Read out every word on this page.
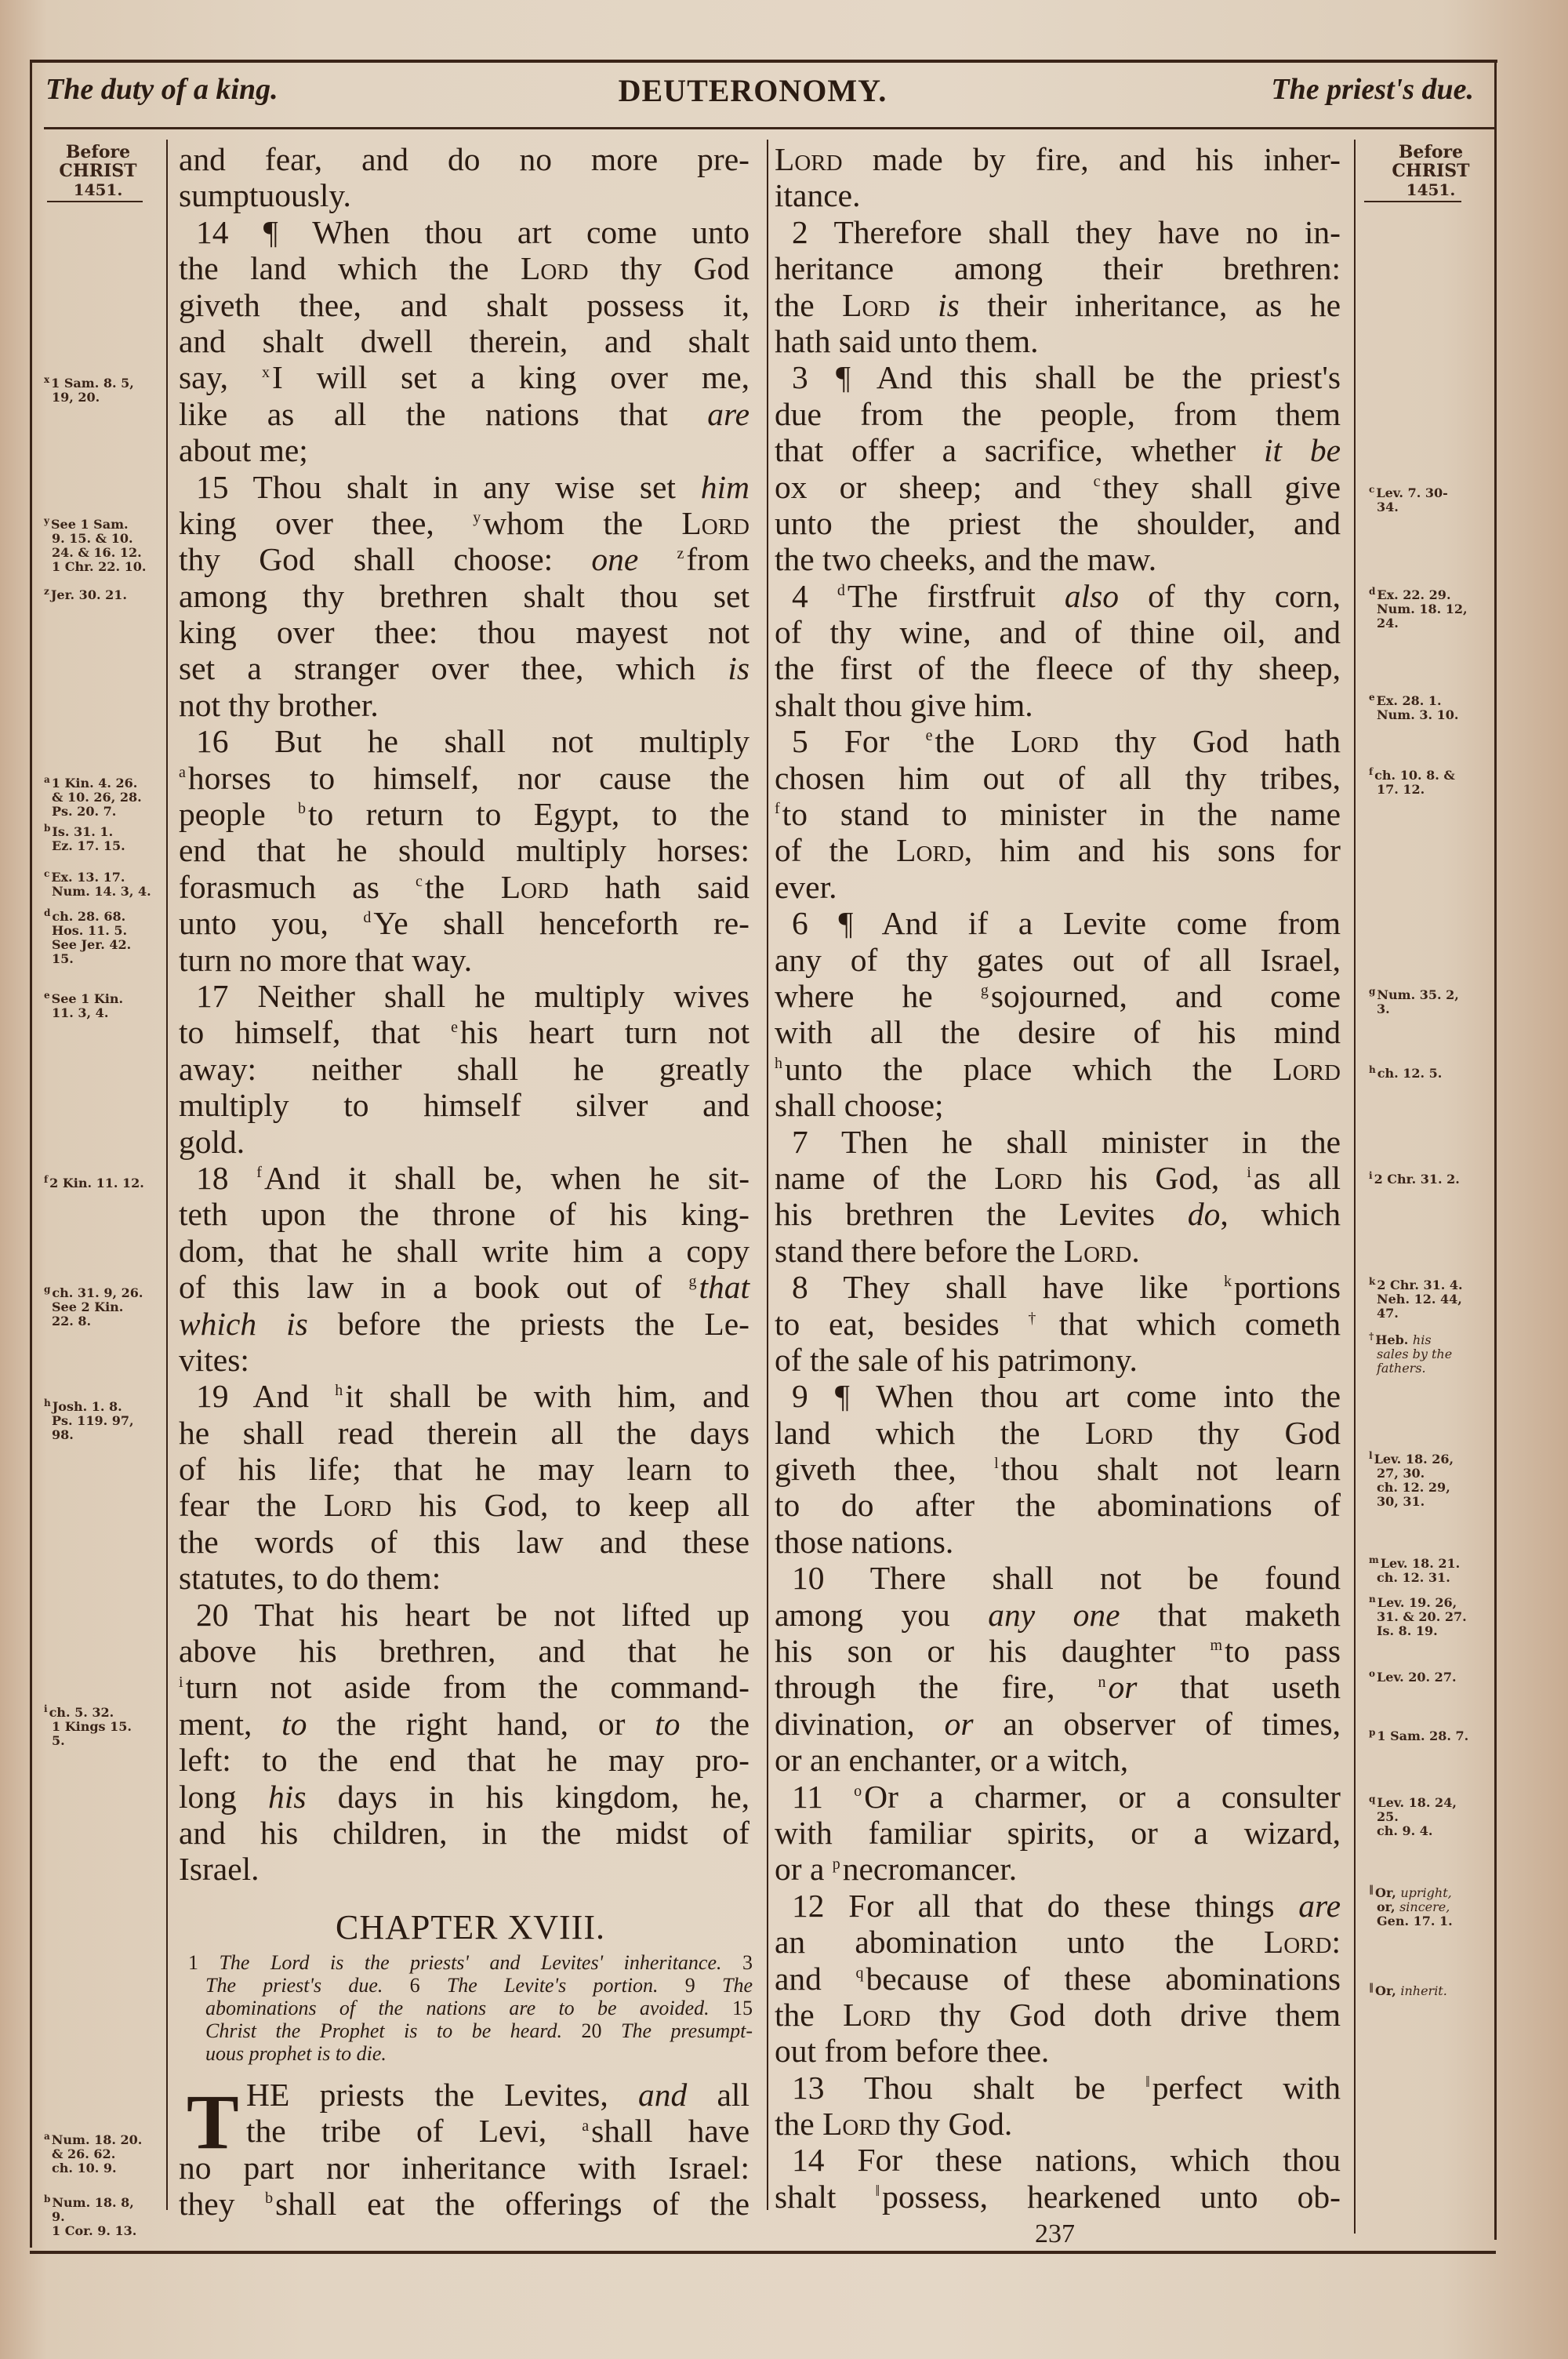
The duty of a king.	DEUTERONOMY.	The priest's due.
Before
CHRIST
1451.
Before
CHRIST
1451.
$^x$ 1 Sam. 8. 5,
19, 20.
$^y$ See 1 Sam.
9. 15. & 10.
24. & 16. 12.
1 Chr. 22. 10.
$^z$ Jer. 30. 21.
$^a$ 1 Kin. 4. 26.
& 10. 26, 28.
Ps. 20. 7.
$^b$ Is. 31. 1.
Ez. 17. 15.
$^c$ Ex. 13. 17.
Num. 14. 3, 4.
$^d$ ch. 28. 68.
Hos. 11. 5.
See Jer. 42.
15.
$^e$ See 1 Kin.
11. 3, 4.
$^f$ 2 Kin. 11. 12.
$^g$ ch. 31. 9, 26.
See 2 Kin.
22. 8.
$^h$ Josh. 1. 8.
Ps. 119. 97,
98.
$^i$ ch. 5. 32.
1 Kings 15.
5.
$^a$ Num. 18. 20.
& 26. 62.
ch. 10. 9.
$^b$ Num. 18. 8,
9.
1 Cor. 9. 13.
$^c$ Lev. 7. 30-
34.
$^d$ Ex. 22. 29.
Num. 18. 12,
24.
$^e$ Ex. 28. 1.
Num. 3. 10.
$^f$ ch. 10. 8. &
17. 12.
$^g$ Num. 35. 2,
3.
$^h$ ch. 12. 5.
$^i$ 2 Chr. 31. 2.
$^k$ 2 Chr. 31. 4.
Neh. 12. 44,
47.
† Heb. his
sales by the
fathers.
$^l$ Lev. 18. 26,
27, 30.
ch. 12. 29,
30, 31.
$^m$ Lev. 18. 21.
ch. 12. 31.
$^n$ Lev. 19. 26,
31. & 20. 27.
Is. 8. 19.
$^o$ Lev. 20. 27.
$^p$ 1 Sam. 28. 7.
$^q$ Lev. 18. 24,
25.
ch. 9. 4.
‖ Or, upright,
or, sincere,
Gen. 17. 1.
‖ Or, inherit.
and fear, and do no more pre-
sumptuously.
14 ¶ When thou art come unto
the land which the Lord thy God
giveth thee, and shalt possess it,
and shalt dwell therein, and shalt
say, $^x$I will set a king over me,
like as all the nations that are
about me;
15 Thou shalt in any wise set him
king over thee, $^y$whom the Lord
thy God shall choose: one $^z$from
among thy brethren shalt thou set
king over thee: thou mayest not
set a stranger over thee, which is
not thy brother.
16 But he shall not multiply
$^a$horses to himself, nor cause the
people $^b$to return to Egypt, to the
end that he should multiply horses:
forasmuch as $^c$the Lord hath said
unto you, $^d$Ye shall henceforth re-
turn no more that way.
17 Neither shall he multiply wives
to himself, that $^e$his heart turn not
away: neither shall he greatly
multiply to himself silver and
gold.
18 $^f$And it shall be, when he sit-
teth upon the throne of his king-
dom, that he shall write him a copy
of this law in a book out of $^g$that
which is before the priests the Le-
vites:
19 And $^h$it shall be with him, and
he shall read therein all the days
of his life; that he may learn to
fear the Lord his God, to keep all
the words of this law and these
statutes, to do them:
20 That his heart be not lifted up
above his brethren, and that he
$^i$turn not aside from the command-
ment, to the right hand, or to the
left: to the end that he may pro-
long his days in his kingdom, he,
and his children, in the midst of
Israel.
CHAPTER XVIII.
1 The Lord is the priests' and Levites' inheritance. 3
The priest's due. 6 The Levite's portion. 9 The
abominations of the nations are to be avoided. 15
Christ the Prophet is to be heard. 20 The presumpt-
uous prophet is to die.
T HE priests the Levites, and all
the tribe of Levi, $^a$shall have
no part nor inheritance with Israel:
they $^b$shall eat the offerings of the
Lord made by fire, and his inher-
itance.
2 Therefore shall they have no in-
heritance among their brethren:
the Lord is their inheritance, as he
hath said unto them.
3 ¶ And this shall be the priest's
due from the people, from them
that offer a sacrifice, whether it be
ox or sheep; and $^c$they shall give
unto the priest the shoulder, and
the two cheeks, and the maw.
4 $^d$The firstfruit also of thy corn,
of thy wine, and of thine oil, and
the first of the fleece of thy sheep,
shalt thou give him.
5 For $^e$the Lord thy God hath
chosen him out of all thy tribes,
$^f$to stand to minister in the name
of the Lord, him and his sons for
ever.
6 ¶ And if a Levite come from
any of thy gates out of all Israel,
where he $^g$sojourned, and come
with all the desire of his mind
$^h$unto the place which the Lord
shall choose;
7 Then he shall minister in the
name of the Lord his God, $^i$as all
his brethren the Levites do, which
stand there before the Lord.
8 They shall have like $^k$portions
to eat, besides †that which cometh
of the sale of his patrimony.
9 ¶ When thou art come into the
land which the Lord thy God
giveth thee, $^l$thou shalt not learn
to do after the abominations of
those nations.
10 There shall not be found
among you any one that maketh
his son or his daughter $^m$to pass
through the fire, $^n$or that useth
divination, or an observer of times,
or an enchanter, or a witch,
11 $^o$Or a charmer, or a consulter
with familiar spirits, or a wizard,
or a $^p$necromancer.
12 For all that do these things are
an abomination unto the Lord:
and $^q$because of these abominations
the Lord thy God doth drive them
out from before thee.
13 Thou shalt be ‖perfect with
the Lord thy God.
14 For these nations, which thou
shalt ‖possess, hearkened unto ob-
237
